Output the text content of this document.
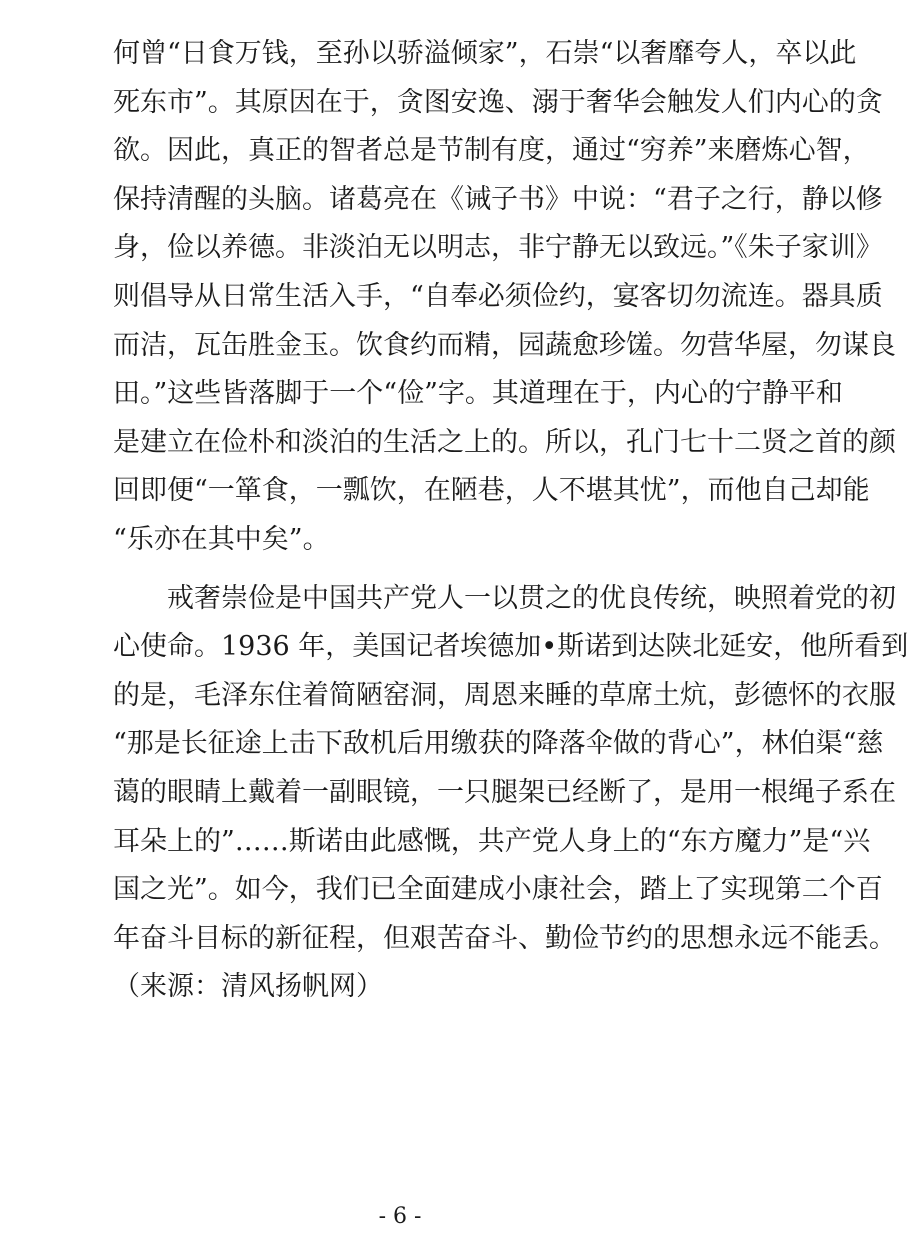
何曾“日食万钱，至孙以骄溢倾家”，石崇“以奢靡夸人，卒以此
死东市”。其原因在于，贪图安逸、溺于奢华会触发人们内心的贪
欲。因此，真正的智者总是节制有度，通过“穷养”来磨炼心智，
保持清醒的头脑。诸葛亮在《诫子书》中说：“君子之行，静以修
身，俭以养德。非淡泊无以明志，非宁静无以致远。”《朱子家训》
则倡导从日常生活入手，“自奉必须俭约，宴客切勿流连。器具质
而洁，瓦缶胜金玉。饮食约而精，园蔬愈珍馐。勿营华屋，勿谋良
田。”这些皆落脚于一个“俭”字。其道理在于，内心的宁静平和
是建立在俭朴和淡泊的生活之上的。所以，孔门七十二贤之首的颜
回即便“一箪食，一瓢饮，在陋巷，人不堪其忧”，而他自己却能
“乐亦在其中矣”。
戒奢崇俭是中国共产党人一以贯之的优良传统，映照着党的初
心使命。1936 年，美国记者埃德加•斯诺到达陕北延安，他所看到
的是，毛泽东住着简陋窑洞，周恩来睡的草席土炕，彭德怀的衣服
“那是长征途上击下敌机后用缴获的降落伞做的背心”，林伯渠“慈
蔼的眼睛上戴着一副眼镜，一只腿架已经断了，是用一根绳子系在
耳朵上的”……斯诺由此感慨，共产党人身上的“东方魔力”是“兴
国之光”。如今，我们已全面建成小康社会，踏上了实现第二个百
年奋斗目标的新征程，但艰苦奋斗、勤俭节约的思想永远不能丢。
（来源：清风扬帆网）
- 6 -
